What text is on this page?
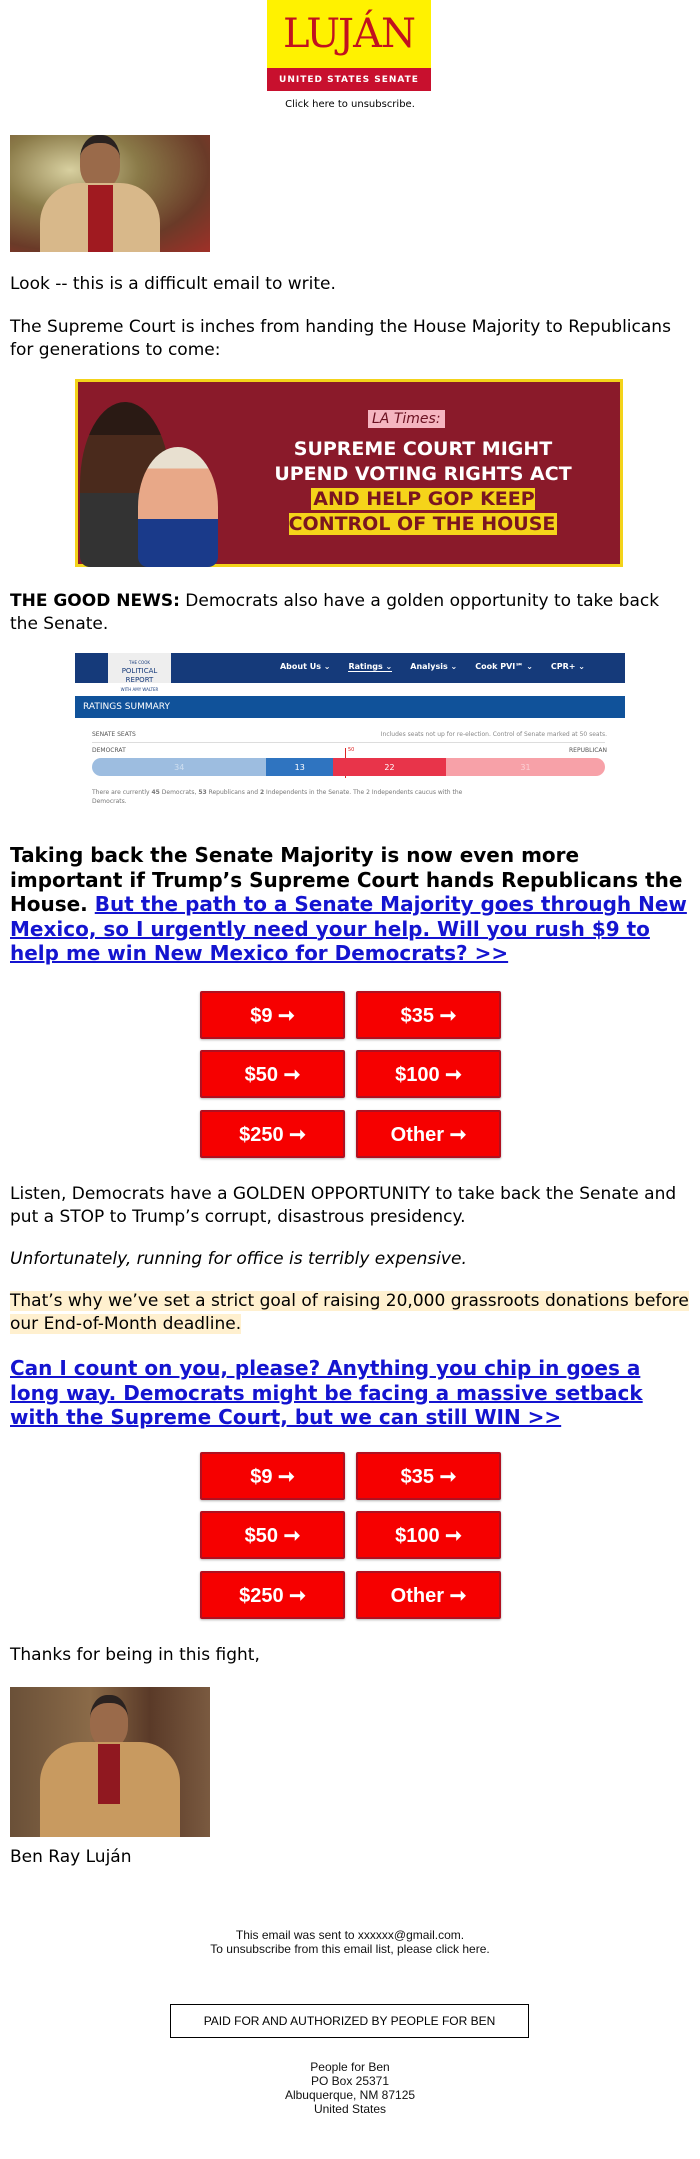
LUJÁN
UNITED STATES SENATE
Click here to unsubscribe.
Look -- this is a difficult email to write.
The Supreme Court is inches from handing the House Majority to Republicans for generations to come:
LA Times:
SUPREME COURT MIGHT UPEND VOTING RIGHTS ACT AND HELP GOP KEEP CONTROL OF THE HOUSE
THE GOOD NEWS: Democrats also have a golden opportunity to take back the Senate.
THE COOK
POLITICAL REPORT
WITH AMY WALTER
About Us ⌄ Ratings ⌄ Analysis ⌄ Cook PVI℠ ⌄ CPR+ ⌄
RATINGS SUMMARY
SENATE SEATS	Includes seats not up for re-election. Control of Senate marked at 50 seats.
DEMOCRAT	REPUBLICAN
50
34	13	22	31
There are currently 45 Democrats, 53 Republicans and 2 Independents in the Senate. The 2 Independents caucus with the Democrats.
Taking back the Senate Majority is now even more important if Trump’s Supreme Court hands Republicans the House. But the path to a Senate Majority goes through New Mexico, so I urgently need your help. Will you rush $9 to help me win New Mexico for Democrats? >>
$9 ➞	$35 ➞
$50 ➞	$100 ➞
$250 ➞	Other ➞
Listen, Democrats have a GOLDEN OPPORTUNITY to take back the Senate and put a STOP to Trump’s corrupt, disastrous presidency.
Unfortunately, running for office is terribly expensive.
That’s why we’ve set a strict goal of raising 20,000 grassroots donations before our End-of-Month deadline.
Can I count on you, please? Anything you chip in goes a long way. Democrats might be facing a massive setback with the Supreme Court, but we can still WIN >>
$9 ➞	$35 ➞
$50 ➞	$100 ➞
$250 ➞	Other ➞
Thanks for being in this fight,
Ben Ray Luján
This email was sent to xxxxxx@gmail.com.
To unsubscribe from this email list, please click here.
PAID FOR AND AUTHORIZED BY PEOPLE FOR BEN
People for Ben
PO Box 25371
Albuquerque, NM 87125
United States
